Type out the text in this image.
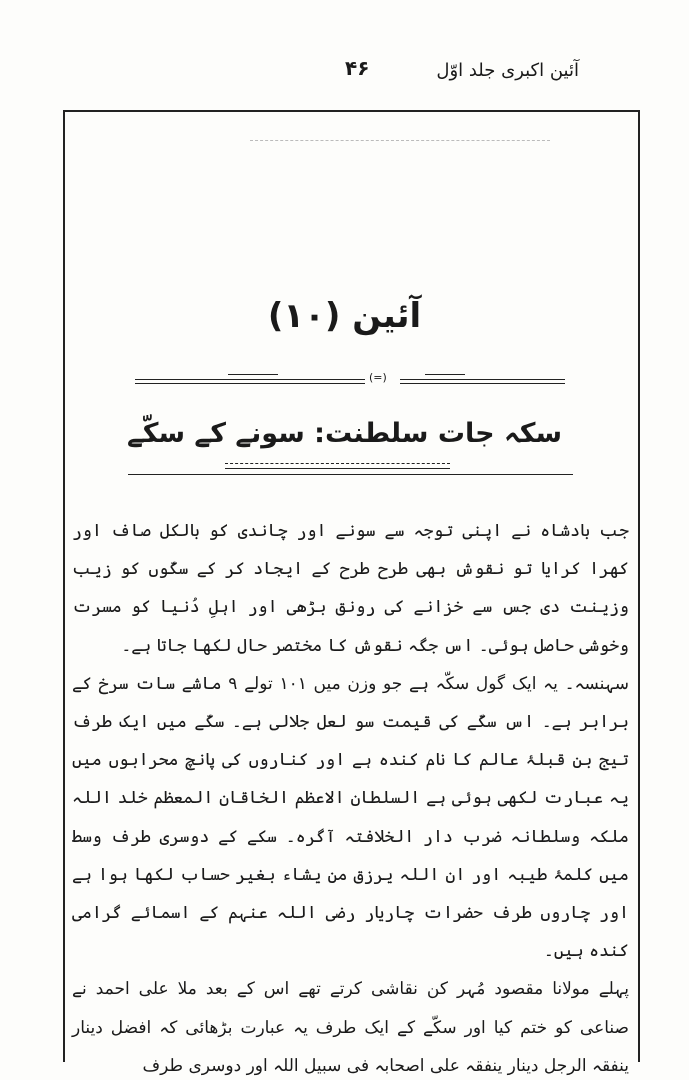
۴۶	آئین اکبری جلد اوّل
آئین (۱۰)
(=)
سکہ جات سلطنت: سونے کے سکّے

جب بادشاہ نے اپنی توجہ سے سونے اور چاندی کو بالکل صاف اور کھرا کرایا تو نقوش بھی طرح طرح کے ایجاد کر کے سکّوں کو زیب وزینت دی جس سے خزانے کی رونق بڑھی اور اہلِ دُنیا کو مسرت وخوشی حاصل ہوئی۔ اس جگہ نقوش کا مختصر حال لکھا جاتا ہے۔

سہنسہ۔ یہ ایک گول سکّہ ہے جو وزن میں ۱۰۱ تولے ۹ ماشے سات سرخ کے برابر ہے۔ اس سکّے کی قیمت سو لعل جلالی ہے۔ سکّے میں ایک طرف تیج بن قبلۂ عالم کا نام کندہ ہے اور کناروں کی پانچ محرابوں میں یہ عبارت لکھی ہوئی ہے السلطان الاعظم الخاقان المعظم خلد اللہ ملکہ وسلطانہ ضرب دار الخلافتہ آگرہ۔ سکے کے دوسری طرف وسط میں کلمۂ طیبہ اور ان اللہ یرزق من یشاء بغیر حساب لکھا ہوا ہے اور چاروں طرف حضرات چاریار رضی اللہ عنہم کے اسمائے گرامی کندہ ہیں۔

پہلے مولانا مقصود مُہر کن نقاشی کرتے تھے اس کے بعد ملا علی احمد نے صناعی کو ختم کیا اور سکّے کے ایک طرف یہ عبارت بڑھائی کہ افضل دینار ینفقہ الرجل دینار ینفقہ علی اصحابہ فی سبیل اللہ اور دوسری طرف
